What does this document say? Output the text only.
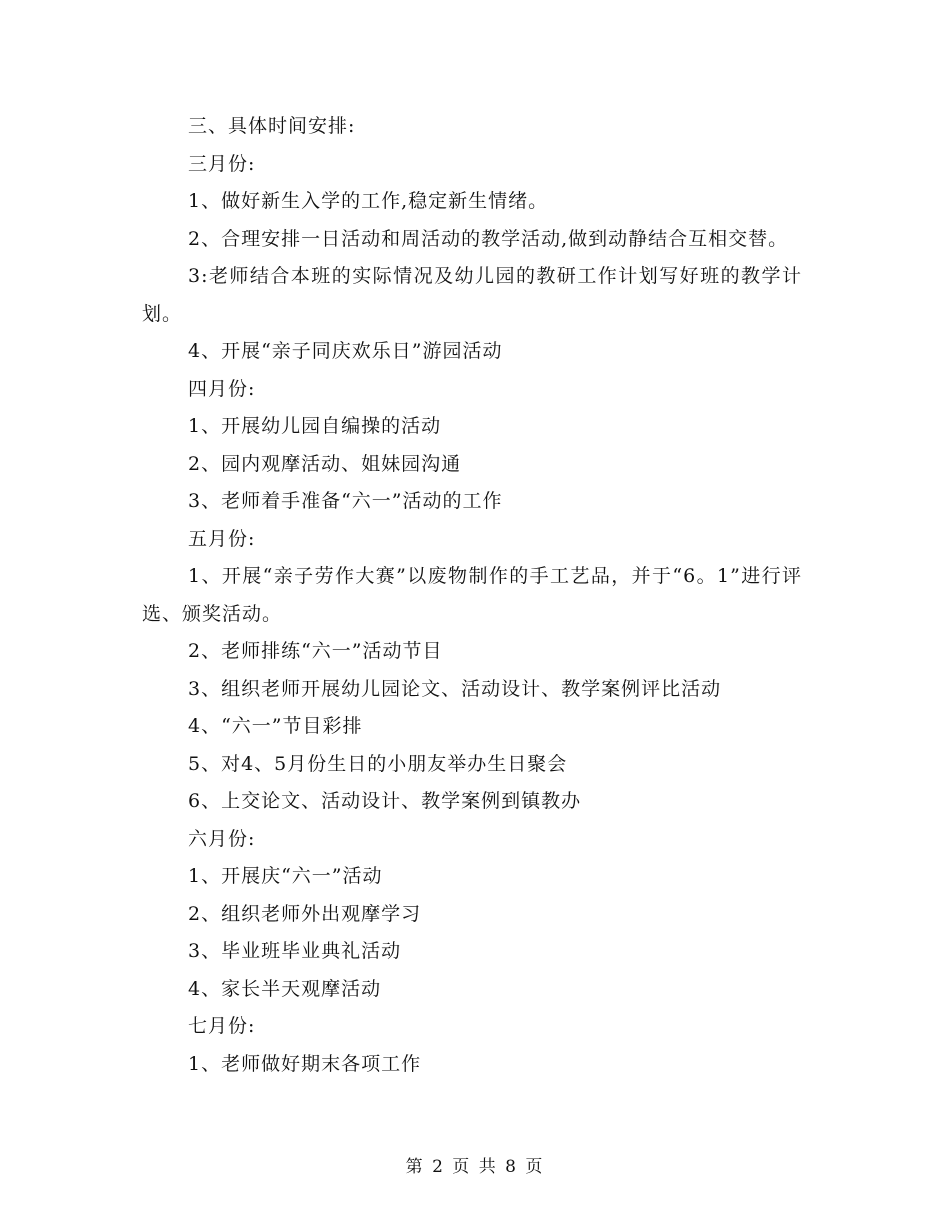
三、具体时间安排:
三月份:
1、做好新生入学的工作,稳定新生情绪。
2、合理安排一日活动和周活动的教学活动,做到动静结合互相交替。
3:老师结合本班的实际情况及幼儿园的教研工作计划写好班的教学计划。
4、开展“亲子同庆欢乐日”游园活动
四月份:
1、开展幼儿园自编操的活动
2、园内观摩活动、姐妹园沟通
3、老师着手准备“六一”活动的工作
五月份:
1、开展“亲子劳作大赛”以废物制作的手工艺品，并于“6。1”进行评选、颁奖活动。
2、老师排练“六一”活动节目
3、组织老师开展幼儿园论文、活动设计、教学案例评比活动
4、“六一”节目彩排
5、对4、5月份生日的小朋友举办生日聚会
6、上交论文、活动设计、教学案例到镇教办
六月份:
1、开展庆“六一”活动
2、组织老师外出观摩学习
3、毕业班毕业典礼活动
4、家长半天观摩活动
七月份:
1、老师做好期末各项工作
第 2 页 共 8 页
